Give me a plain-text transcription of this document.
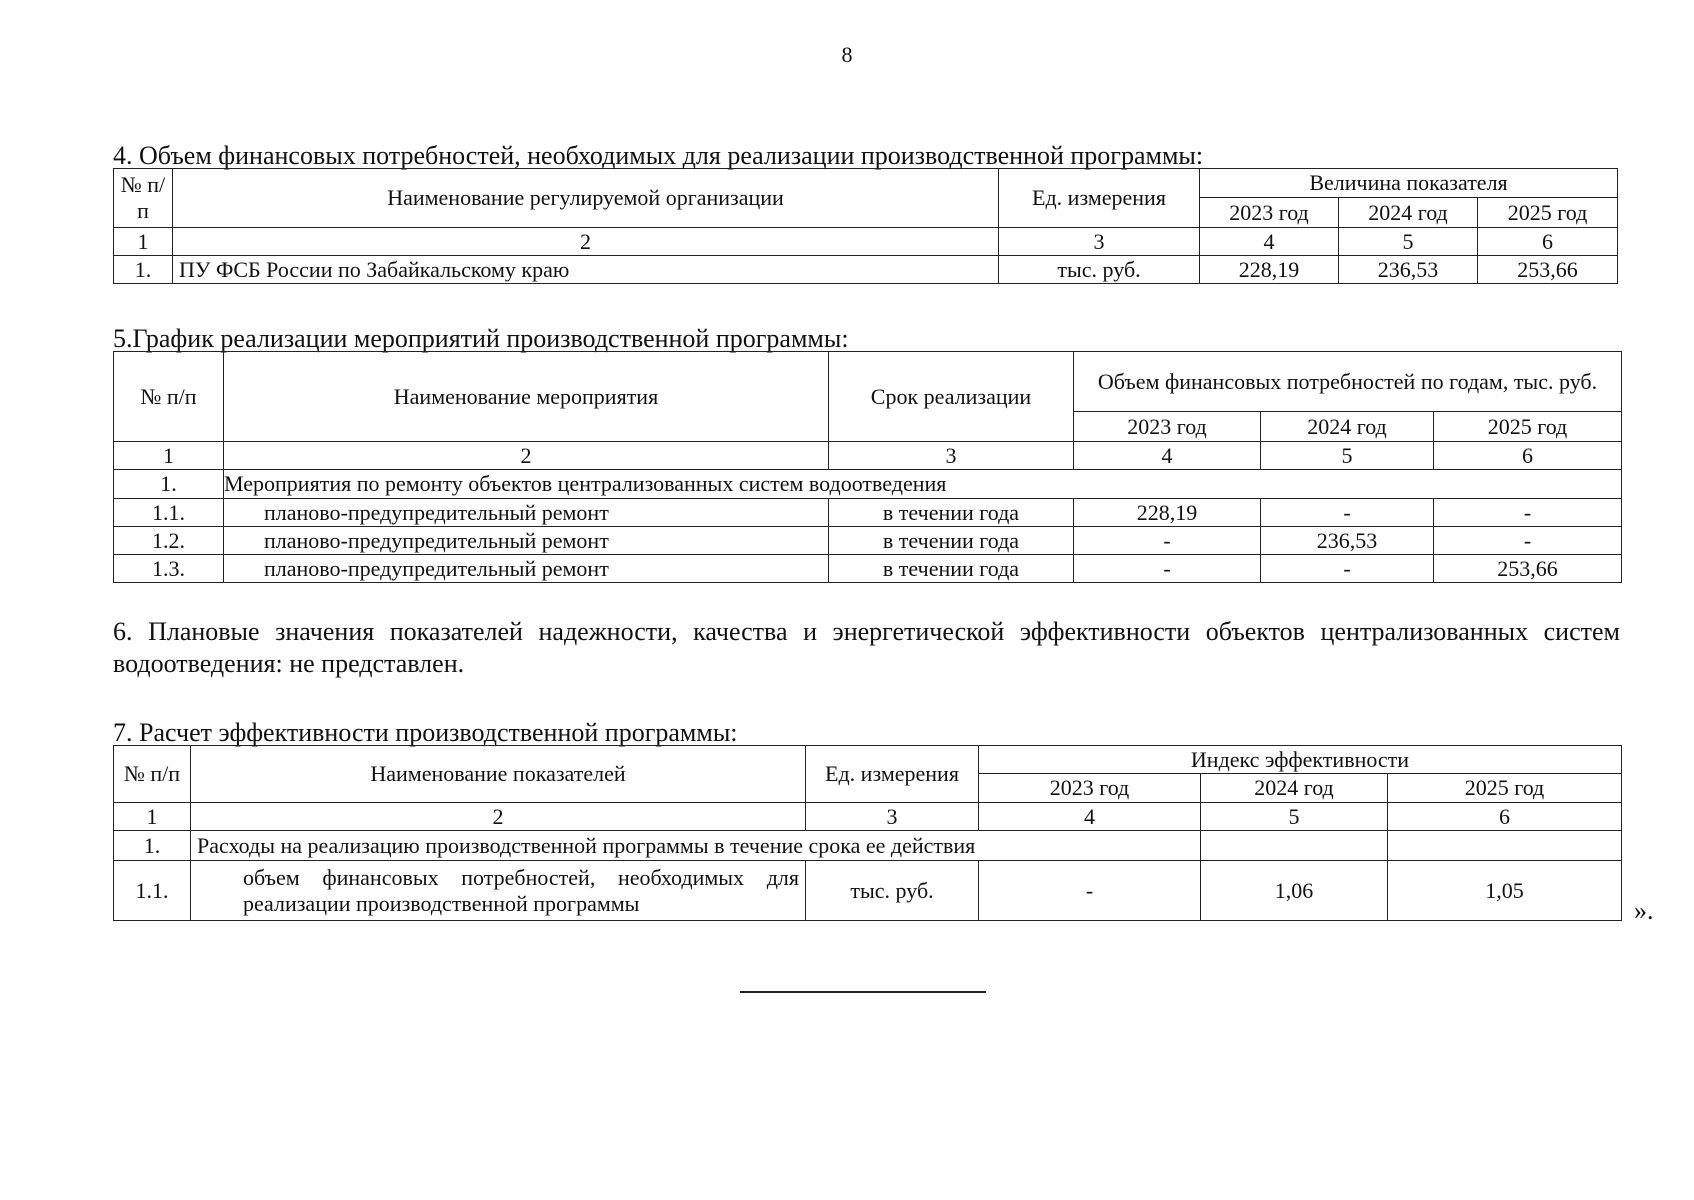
8
4. Объем финансовых потребностей, необходимых для реализации производственной программы:
№ п/п	Наименование регулируемой организации	Ед. измерения	Величина показателя		
			2023 год	2024 год	2025 год
1	2	3	4	5	6
1.	ПУ ФСБ России по Забайкальскому краю	тыс. руб.	228,19	236,53	253,66
5.График реализации мероприятий производственной программы:
№ п/п	Наименование мероприятия	Срок реализации	Объем финансовых потребностей по годам, тыс. руб.		
			2023 год	2024 год	2025 год
1	2	3	4	5	6
1.	Мероприятия по ремонту объектов централизованных систем водоотведения				
1.1.	планово-предупредительный ремонт	в течении года	228,19	-	-
1.2.	планово-предупредительный ремонт	в течении года	-	236,53	-
1.3.	планово-предупредительный ремонт	в течении года	-	-	253,66
6. Плановые значения показателей надежности, качества и энергетической эффективности объектов централизованных систем водоотведения: не представлен.
7. Расчет эффективности производственной программы:
№ п/п	Наименование показателей	Ед. измерения	Индекс эффективности		
			2023 год	2024 год	2025 год
1	2	3	4	5	6
1.	Расходы на реализацию производственной программы в течение срока ее действия				
1.1.	объем финансовых потребностей, необходимых для реализации производственной программы	тыс. руб.	-	1,06	1,05
».
